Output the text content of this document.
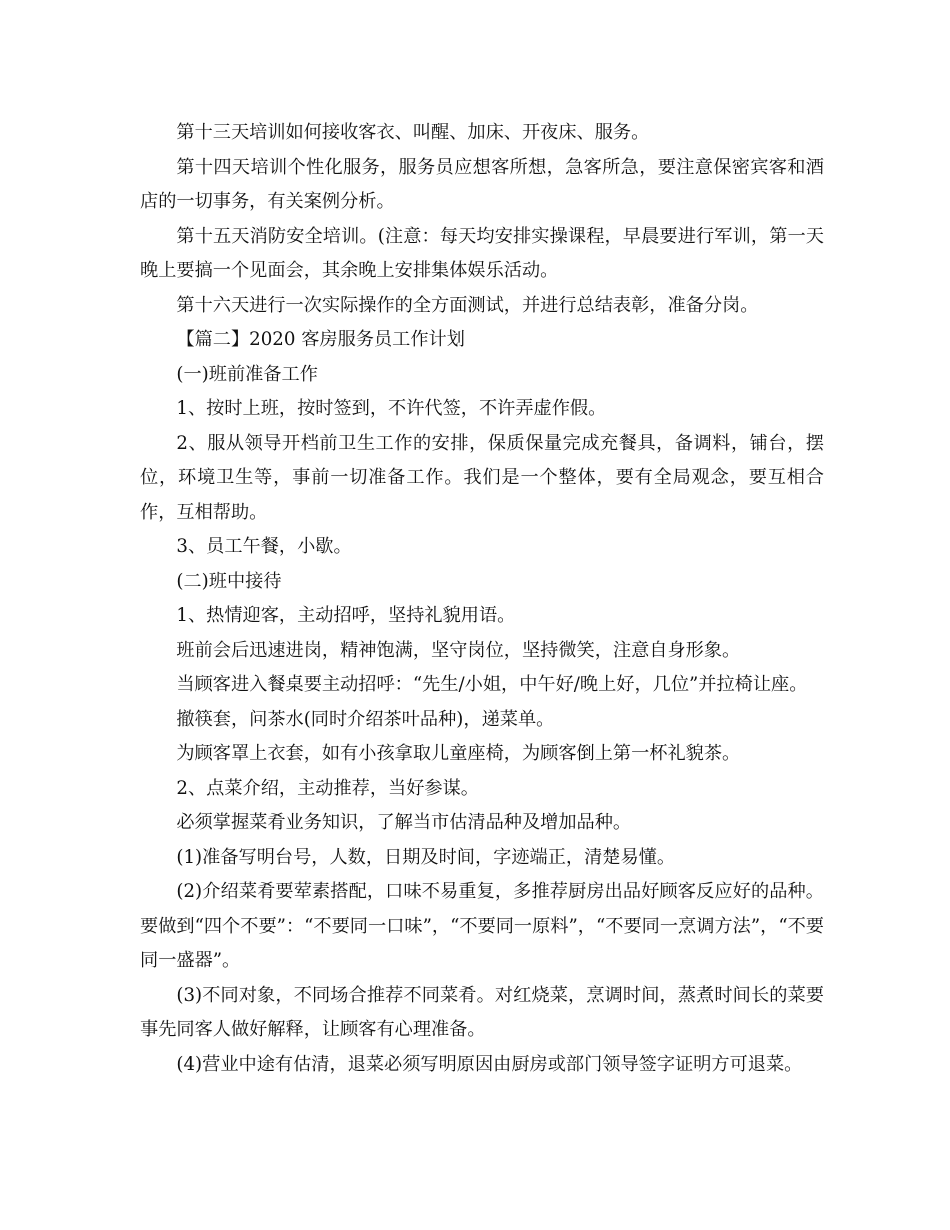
第十三天培训如何接收客衣、叫醒、加床、开夜床、服务。

第十四天培训个性化服务，服务员应想客所想，急客所急，要注意保密宾客和酒店的一切事务，有关案例分析。

第十五天消防安全培训。(注意：每天均安排实操课程，早晨要进行军训，第一天晚上要搞一个见面会，其余晚上安排集体娱乐活动。

第十六天进行一次实际操作的全方面测试，并进行总结表彰，准备分岗。

【篇二】2020 客房服务员工作计划

(一)班前准备工作

1、按时上班，按时签到，不许代签，不许弄虚作假。

2、服从领导开档前卫生工作的安排，保质保量完成充餐具，备调料，铺台，摆位，环境卫生等，事前一切准备工作。我们是一个整体，要有全局观念，要互相合作，互相帮助。

3、员工午餐，小歇。

(二)班中接待

1、热情迎客，主动招呼，坚持礼貌用语。

班前会后迅速进岗，精神饱满，坚守岗位，坚持微笑，注意自身形象。

当顾客进入餐桌要主动招呼：“先生/小姐，中午好/晚上好，几位”并拉椅让座。

撤筷套，问茶水(同时介绍茶叶品种)，递菜单。

为顾客罩上衣套，如有小孩拿取儿童座椅，为顾客倒上第一杯礼貌茶。

2、点菜介绍，主动推荐，当好参谋。

必须掌握菜肴业务知识，了解当市估清品种及增加品种。

(1)准备写明台号，人数，日期及时间，字迹端正，清楚易懂。

(2)介绍菜肴要荤素搭配，口味不易重复，多推荐厨房出品好顾客反应好的品种。要做到“四个不要”：“不要同一口味”，“不要同一原料”，“不要同一烹调方法”，“不要同一盛器”。

(3)不同对象，不同场合推荐不同菜肴。对红烧菜，烹调时间，蒸煮时间长的菜要事先同客人做好解释，让顾客有心理准备。

(4)营业中途有估清，退菜必须写明原因由厨房或部门领导签字证明方可退菜。
